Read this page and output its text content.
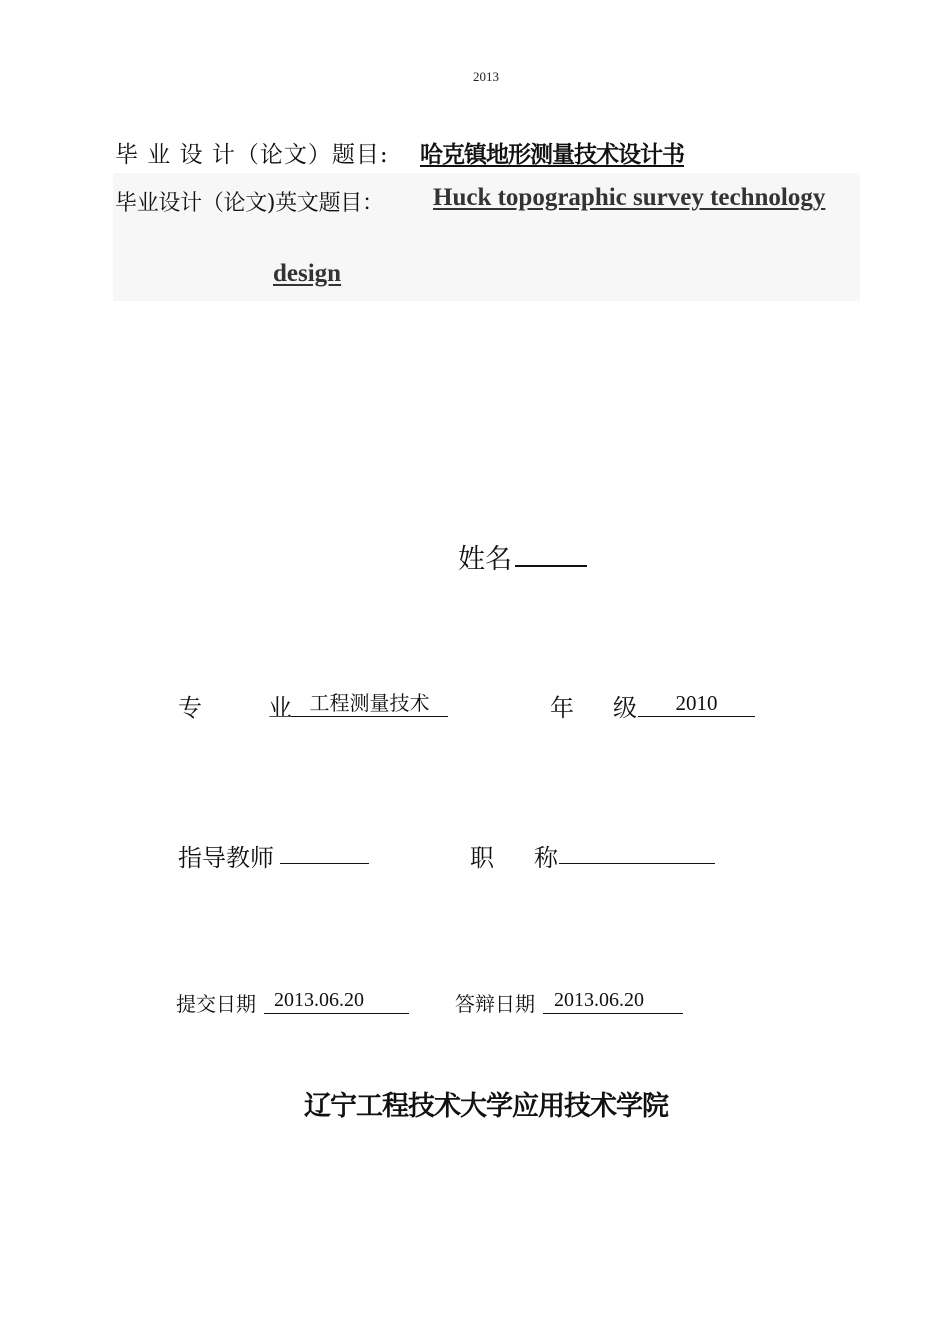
2013
毕 业 设 计（论文）题目: 哈克镇地形测量技术设计书
毕业设计（论文)英文题目： Huck topographic survey technology
design
姓名
专	业 工程测量技术	年 级	2010
指导教师	职 称
提交日期 2013.06.20	答辩日期 2013.06.20
辽宁工程技术大学应用技术学院
